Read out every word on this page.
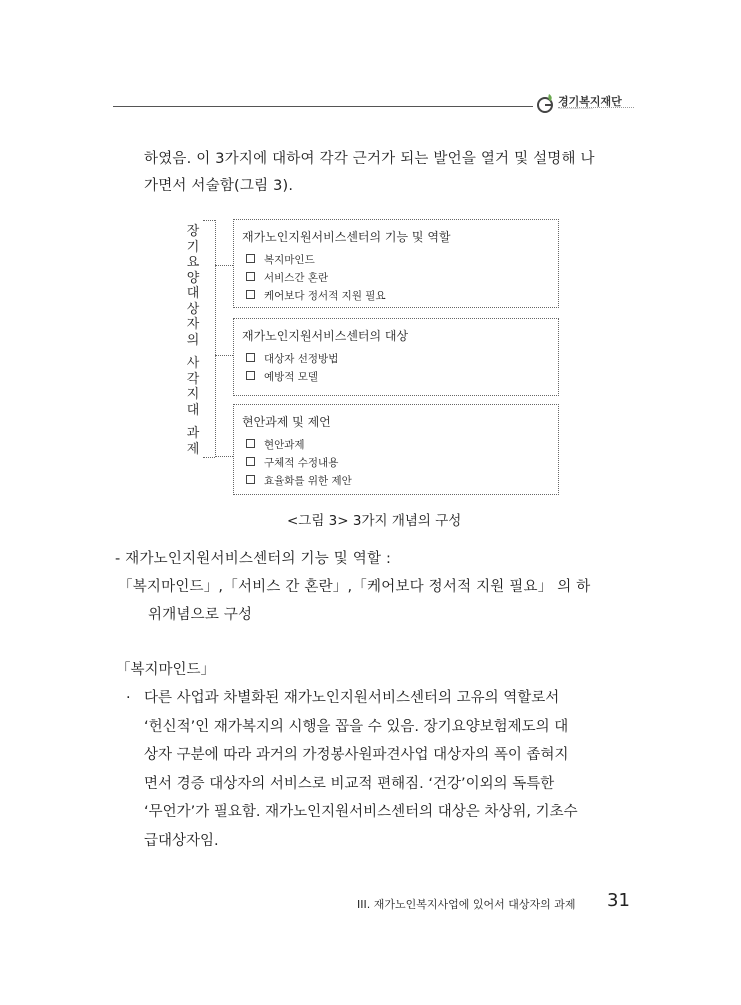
경기복지재단
GYEONGGI WELFARE FOUNDATION
하였음. 이 3가지에 대하여 각각 근거가 되는 발언을 열거 및 설명해 나
가면서 서술함(그림 3).
장
기
요
양
대
상
자
의
사
각
지
대
과
제
재가노인지원서비스센터의 기능 및 역할
복지마인드
서비스간 혼란
케어보다 정서적 지원 필요
재가노인지원서비스센터의 대상
대상자 선정방법
예방적 모델
현안과제 및 제언
현안과제
구체적 수정내용
효율화를 위한 제안
<그림 3> 3가지 개념의 구성
- 재가노인지원서비스센터의 기능 및 역할 :
「복지마인드」,「서비스 간 혼란」,「케어보다 정서적 지원 필요」 의 하
위개념으로 구성
「복지마인드」
· 다른 사업과 차별화된 재가노인지원서비스센터의 고유의 역할로서
‘헌신적’인 재가복지의 시행을 꼽을 수 있음. 장기요양보험제도의 대
상자 구분에 따라 과거의 가정봉사원파견사업 대상자의 폭이 좁혀지
면서 경증 대상자의 서비스로 비교적 편해짐. ‘건강’이외의 독특한
‘무언가’가 필요함. 재가노인지원서비스센터의 대상은 차상위, 기초수
급대상자임.
III. 재가노인복지사업에 있어서 대상자의 과제 31
